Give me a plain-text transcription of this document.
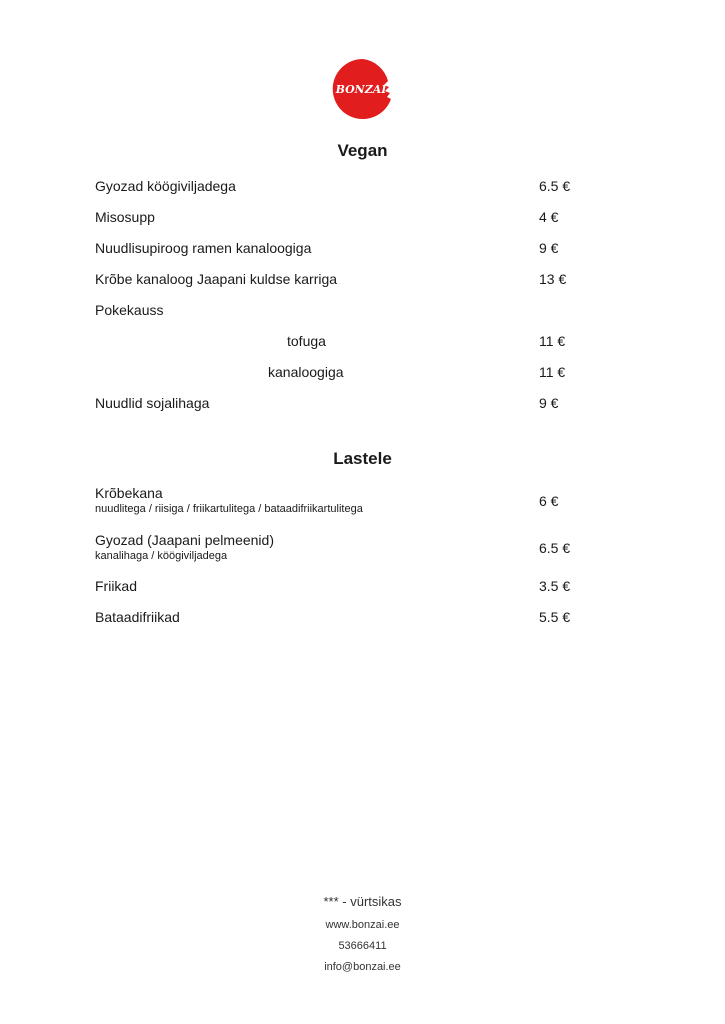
BONZAI
Vegan
Gyozad köögiviljadega	6.5 €
Misosupp	4 €
Nuudlisupiroog ramen kanaloogiga	9 €
Krõbe kanaloog Jaapani kuldse karriga	13 €
Pokekauss
tofuga	11 €
kanaloogiga	11 €
Nuudlid sojalihaga	9 €
Lastele
Krõbekana
nuudlitega / riisiga / friikartulitega / bataadifriikartulitega	6 €
Gyozad (Jaapani pelmeenid)
kanalihaga / köögiviljadega	6.5 €
Friikad	3.5 €
Bataadifriikad	5.5 €
*** - vürtsikas
www.bonzai.ee
53666411
info@bonzai.ee
